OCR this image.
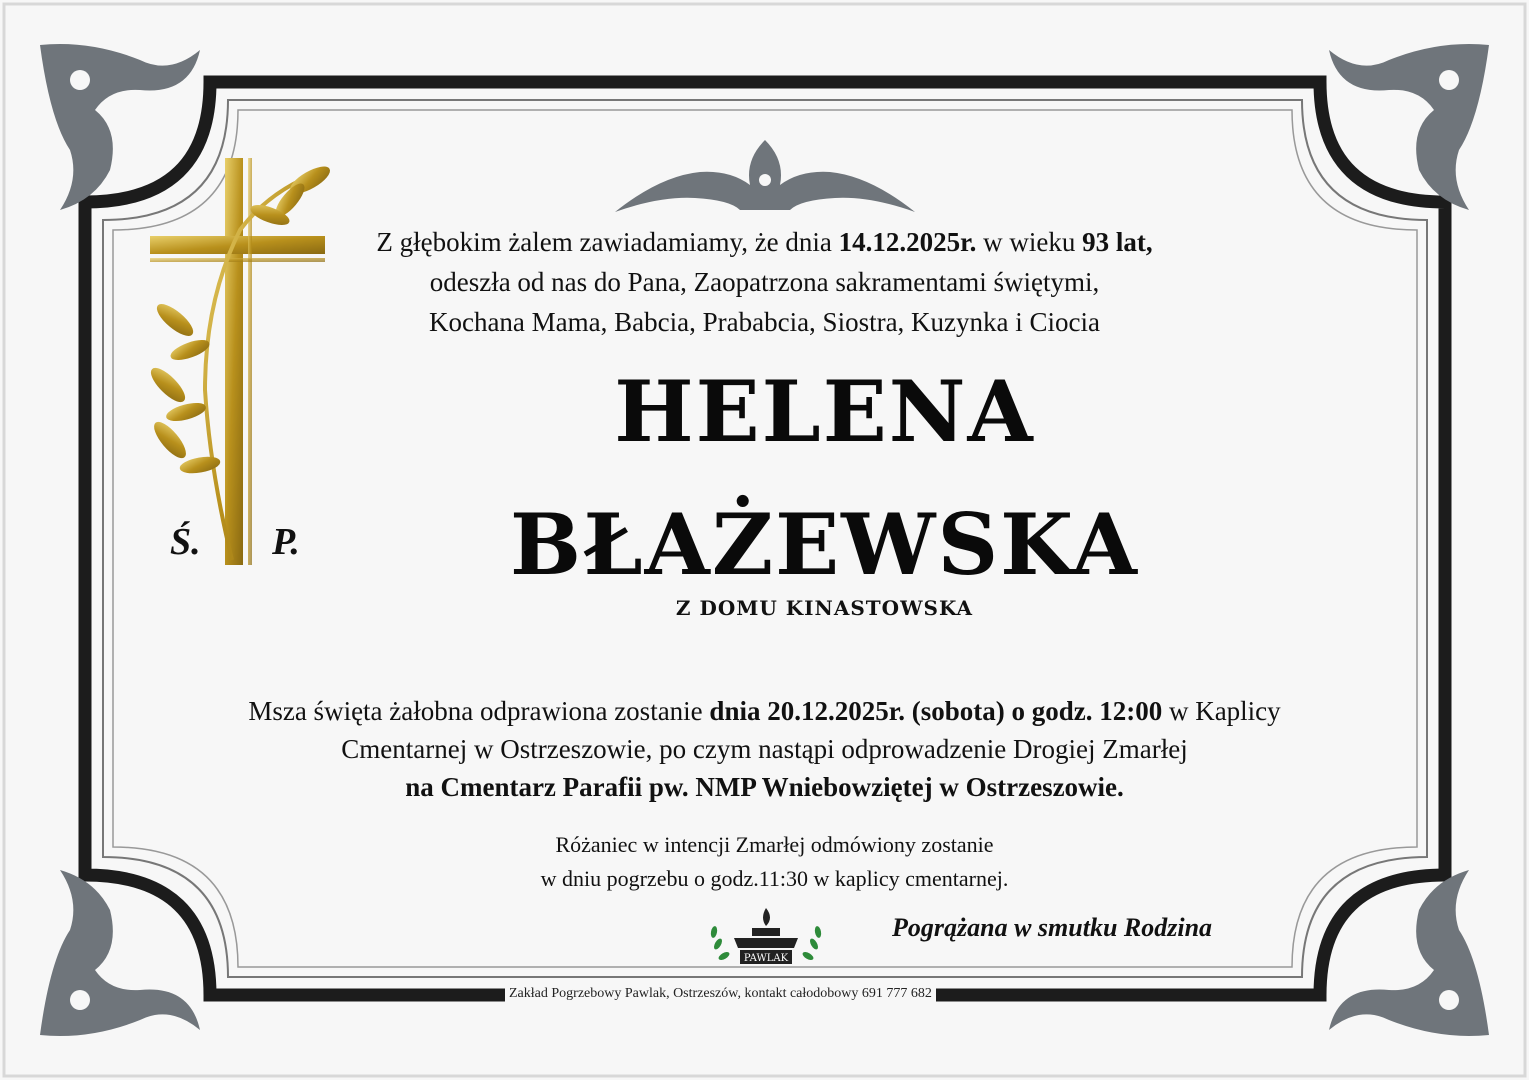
Z głębokim żalem zawiadamiamy, że dnia 14.12.2025r. w wieku 93 lat,
odeszła od nas do Pana, Zaopatrzona sakramentami świętymi,
Kochana Mama, Babcia, Prababcia, Siostra, Kuzynka i Ciocia
Ś. P.
HELENA
BŁAŻEWSKA
Z DOMU KINASTOWSKA
Msza święta żałobna odprawiona zostanie dnia 20.12.2025r. (sobota) o godz. 12:00 w Kaplicy
Cmentarnej w Ostrzeszowie, po czym nastąpi odprowadzenie Drogiej Zmarłej
na Cmentarz Parafii pw. NMP Wniebowziętej w Ostrzeszowie.
Różaniec w intencji Zmarłej odmówiony zostanie
w dniu pogrzebu o godz.11:30 w kaplicy cmentarnej.
PAWLAK
Pogrążana w smutku Rodzina
Zakład Pogrzebowy Pawlak, Ostrzeszów, kontakt całodobowy 691 777 682
